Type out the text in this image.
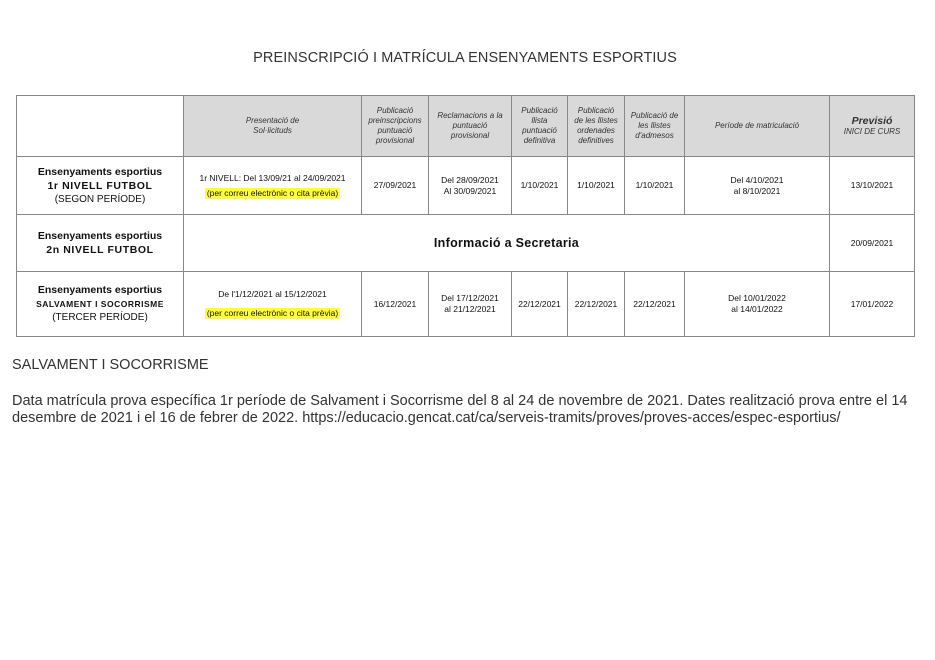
PREINSCRIPCIÓ I MATRÍCULA ENSENYAMENTS ESPORTIUS
	Presentació de
Sol·licituds	Publicació
preinscripcions
puntuació
provisional	Reclamacions a la
puntuació
provisional	Publicació
llista
puntuació
definitiva	Publicació
de les llistes
ordenades
definitives	Publicació de
les llistes
d'admesos	Període de matriculació	Previsió
INICI DE CURS

Ensenyaments esportius
1r NIVELL FUTBOL
(SEGON PERÍODE)	1r NIVELL: Del 13/09/21 al 24/09/2021
(per correu electrònic o cita prèvia)	27/09/2021	Del 28/09/2021
Al 30/09/2021	1/10/2021	1/10/2021	1/10/2021	Del 4/10/2021
al 8/10/2021	13/10/2021

Ensenyaments esportius
2n NIVELL FUTBOL	Informació a Secretaria							20/09/2021

Ensenyaments esportius
SALVAMENT I SOCORRISME
(TERCER PERÍODE)	De l'1/12/2021 al 15/12/2021
(per correu electrònic o cita prèvia)	16/12/2021	Del 17/12/2021
al 21/12/2021	22/12/2021	22/12/2021	22/12/2021	Del 10/01/2022
al 14/01/2022	17/01/2022
SALVAMENT I SOCORRISME
Data matrícula prova específica 1r període de Salvament i Socorrisme del 8 al 24 de novembre de 2021. Dates realització prova entre el 14 desembre de 2021 i el 16 de febrer de 2022. https://educacio.gencat.cat/ca/serveis-tramits/proves/proves-acces/espec-esportius/
